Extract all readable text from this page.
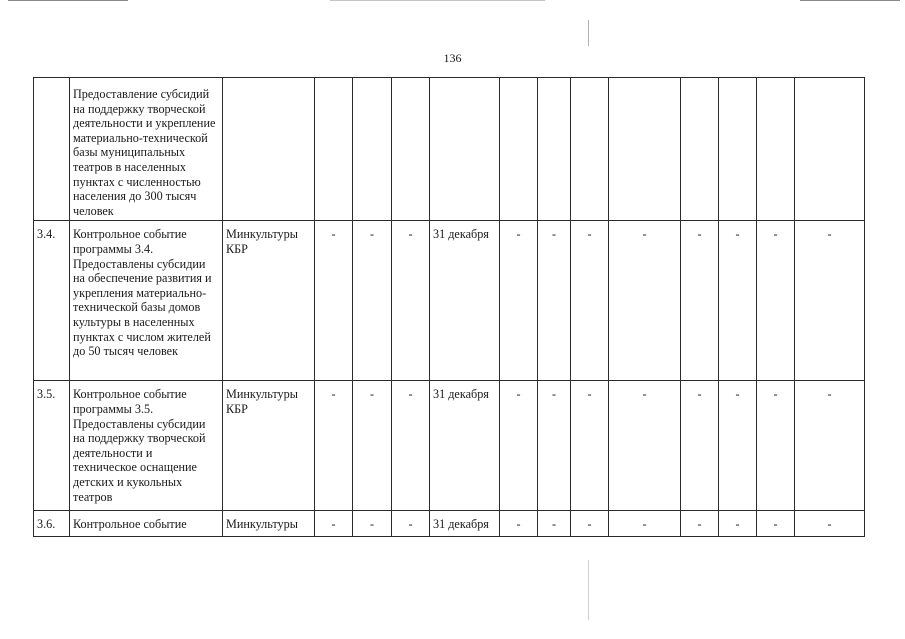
136
	Предоставление субсидий на поддержку творческой деятельности и укрепление материально-технической базы муниципальных театров в населенных пунктах с численностью населения до 300 тысяч человек													
3.4.	Контрольное событие программы 3.4. Предоставлены субсидии на обеспечение развития и укрепления материально-технической базы домов культуры в населенных пунктах с числом жителей до 50 тысяч человек	Минкультуры КБР	-	-	-	31 декабря	-	-	-	-	-	-	-	-
3.5.	Контрольное событие программы 3.5. Предоставлены субсидии на поддержку творческой деятельности и техническое оснащение детских и кукольных театров	Минкультуры КБР	-	-	-	31 декабря	-	-	-	-	-	-	-	-
3.6.	Контрольное событие	Минкультуры	-	-	-	31 декабря	-	-	-	-	-	-	-	-
